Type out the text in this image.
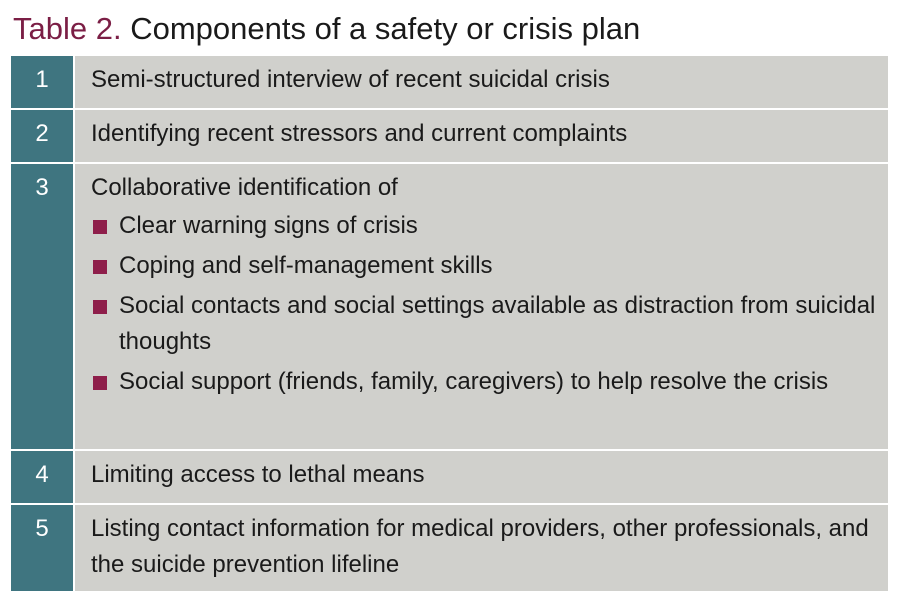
Table 2. Components of a safety or crisis plan
1	Semi-structured interview of recent suicidal crisis
2	Identifying recent stressors and current complaints
3	Collaborative identification of
Clear warning signs of crisis
Coping and self-management skills
Social contacts and social settings available as distraction from suicidal thoughts
Social support (friends, family, caregivers) to help resolve the crisis
4	Limiting access to lethal means
5	Listing contact information for medical providers, other professionals, and the suicide prevention lifeline
